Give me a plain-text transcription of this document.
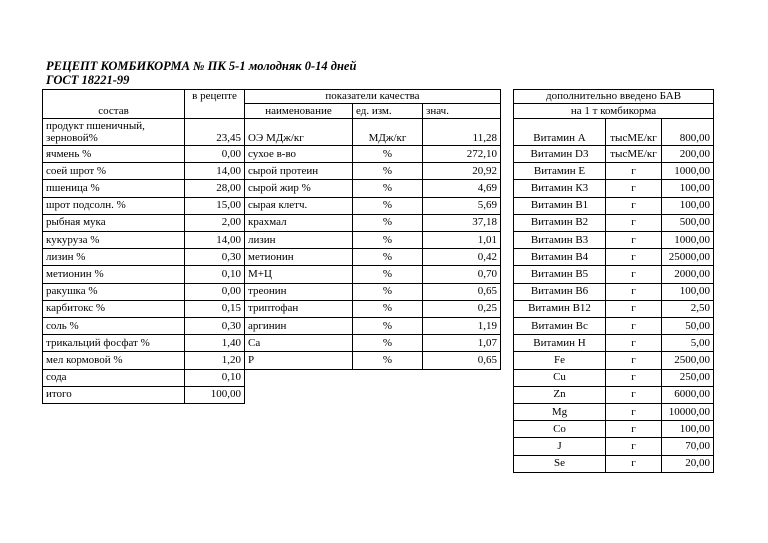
РЕЦЕПТ КОМБИКОРМА № ПК 5-1 молодняк 0-14 дней
ГОСТ 18221-99
состав
в рецепте	показатели качества
наименование	ед. изм.	знач.
дополнительно введено БАВ
на 1 т комбикорма
продукт пшеничный, зерновой%	23,45
ячмень %	0,00
соей шрот %	14,00
пшеница %	28,00
шрот подсолн. %	15,00
рыбная мука	2,00
кукуруза %	14,00
лизин %	0,30
метионин %	0,10
ракушка %	0,00
карбитокс %	0,15
соль %	0,30
трикальций фосфат %	1,40
мел кормовой %	1,20
сода	0,10
итого	100,00
ОЭ МДж/кг	МДж/кг	11,28
сухое в-во	%	272,10
сырой протеин	%	20,92
сырой жир %	%	4,69
сырая клетч.	%	5,69
крахмал	%	37,18
лизин	%	1,01
метионин	%	0,42
М+Ц	%	0,70
треонин	%	0,65
триптофан	%	0,25
аргинин	%	1,19
Ca	%	1,07
P	%	0,65
Витамин А	тысМЕ/кг	800,00
Витамин D3	тысМЕ/кг	200,00
Витамин Е	г	1000,00
Витамин К3	г	100,00
Витамин В1	г	100,00
Витамин В2	г	500,00
Витамин В3	г	1000,00
Витамин В4	г	25000,00
Витамин В5	г	2000,00
Витамин В6	г	100,00
Витамин В12	г	2,50
Витамин Вс	г	50,00
Витамин Н	г	5,00
Fe	г	2500,00
Cu	г	250,00
Zn	г	6000,00
Mg	г	10000,00
Co	г	100,00
J	г	70,00
Se	г	20,00
